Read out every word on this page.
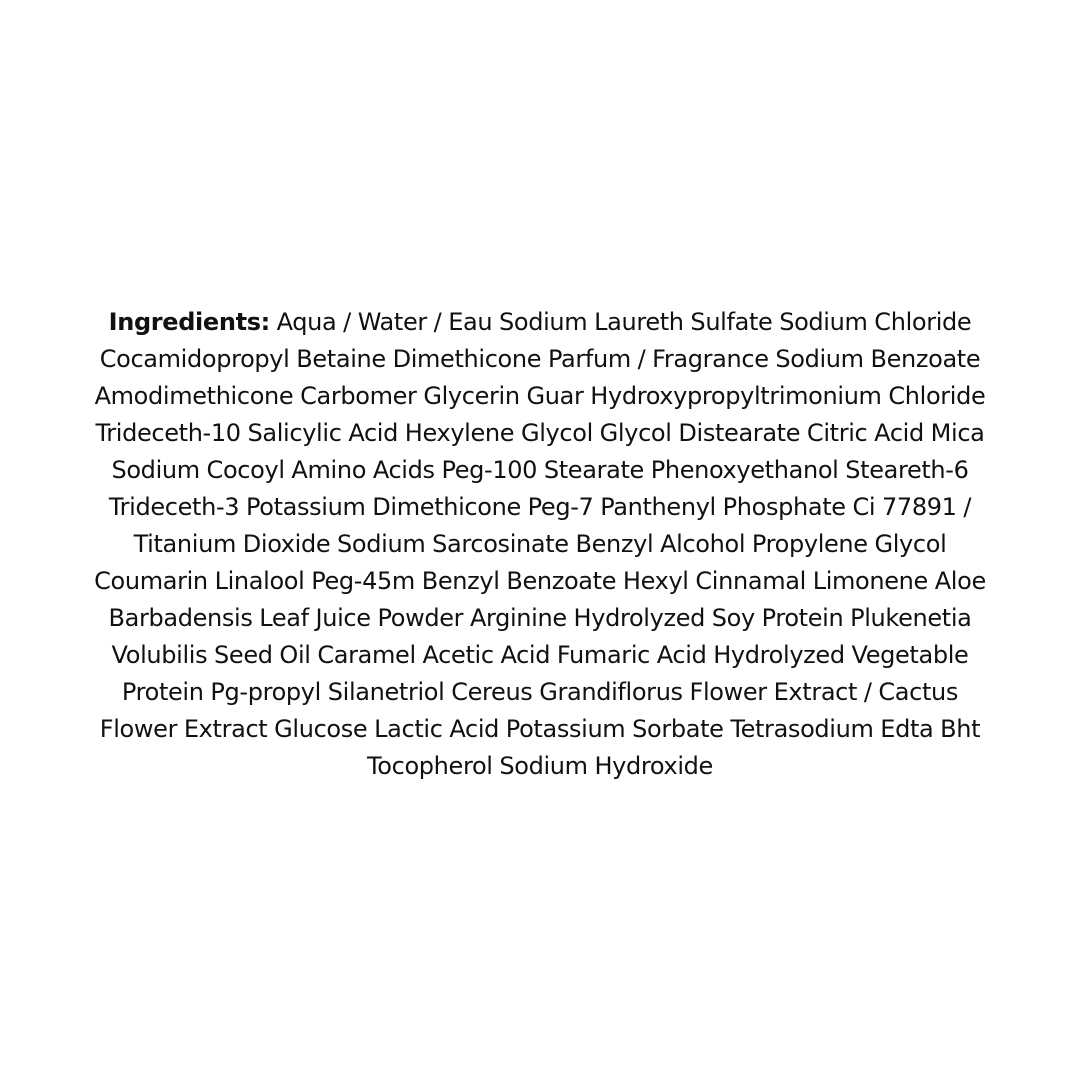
Ingredients: Aqua / Water / Eau Sodium Laureth Sulfate Sodium Chloride Cocamidopropyl Betaine Dimethicone Parfum / Fragrance Sodium Benzoate Amodimethicone Carbomer Glycerin Guar Hydroxypropyltrimonium Chloride Trideceth-10 Salicylic Acid Hexylene Glycol Glycol Distearate Citric Acid Mica Sodium Cocoyl Amino Acids Peg-100 Stearate Phenoxyethanol Steareth-6 Trideceth-3 Potassium Dimethicone Peg-7 Panthenyl Phosphate Ci 77891 / Titanium Dioxide Sodium Sarcosinate Benzyl Alcohol Propylene Glycol Coumarin Linalool Peg-45m Benzyl Benzoate Hexyl Cinnamal Limonene Aloe Barbadensis Leaf Juice Powder Arginine Hydrolyzed Soy Protein Plukenetia Volubilis Seed Oil Caramel Acetic Acid Fumaric Acid Hydrolyzed Vegetable Protein Pg-propyl Silanetriol Cereus Grandiflorus Flower Extract / Cactus Flower Extract Glucose Lactic Acid Potassium Sorbate Tetrasodium Edta Bht Tocopherol Sodium Hydroxide
